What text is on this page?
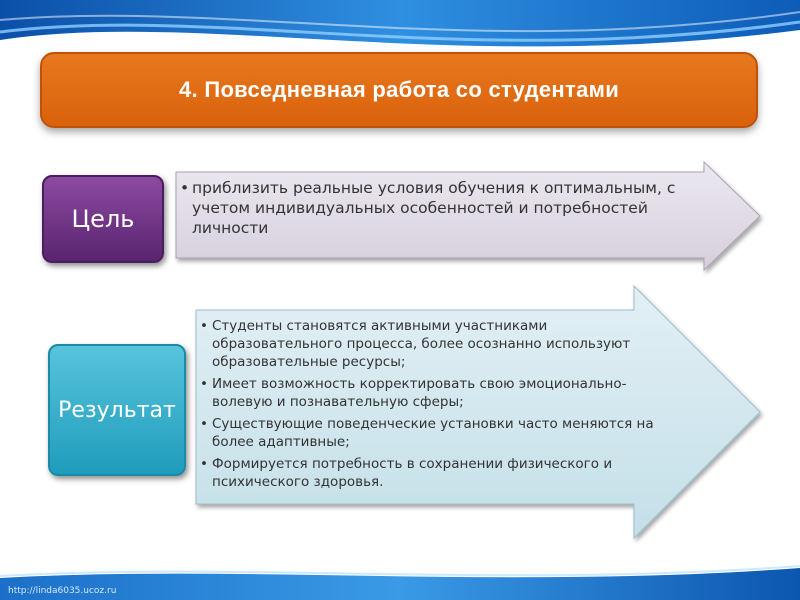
4. Повседневная работа со студентами
Цель
• приблизить реальные условия обучения к оптимальным, с учетом индивидуальных особенностей и потребностей личности
Результат
• Студенты становятся активными участниками образовательного процесса, более осознанно используют образовательные ресурсы;
• Имеет возможность корректировать свою эмоционально-волевую и познавательную сферы;
• Существующие поведенческие установки часто меняются на более адаптивные;
• Формируется потребность в сохранении физического и психического здоровья.
http://linda6035.ucoz.ru
